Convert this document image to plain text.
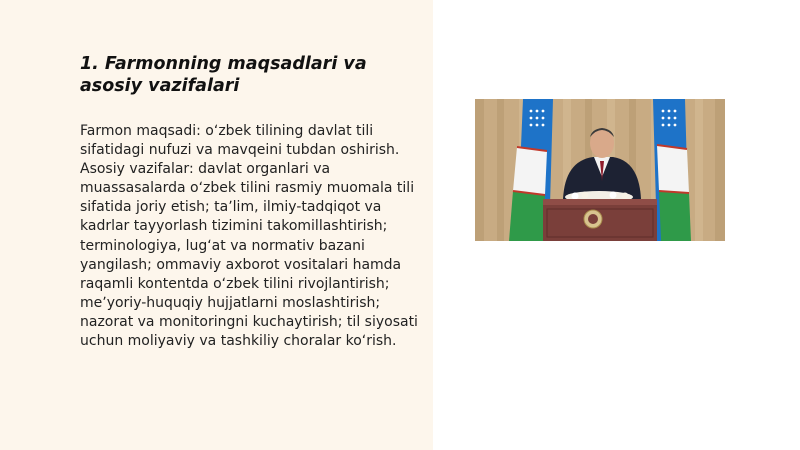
1. Farmonning maqsadlari va asosiy vazifalari

Farmon maqsadi: oʻzbek tilining davlat tili sifatidagi nufuzi va mavqeini tubdan oshirish. Asosiy vazifalar: davlat organlari va muassasalarda oʻzbek tilini rasmiy muomala tili sifatida joriy etish; taʼlim, ilmiy-tadqiqot va kadrlar tayyorlash tizimini takomillashtirish; terminologiya, lugʻat va normativ bazani yangilash; ommaviy axborot vositalari hamda raqamli kontentda oʻzbek tilini rivojlantirish; meʼyoriy-huquqiy hujjatlarni moslashtirish; nazorat va monitoringni kuchaytirish; til siyosati uchun moliyaviy va tashkiliy choralar koʻrish.
